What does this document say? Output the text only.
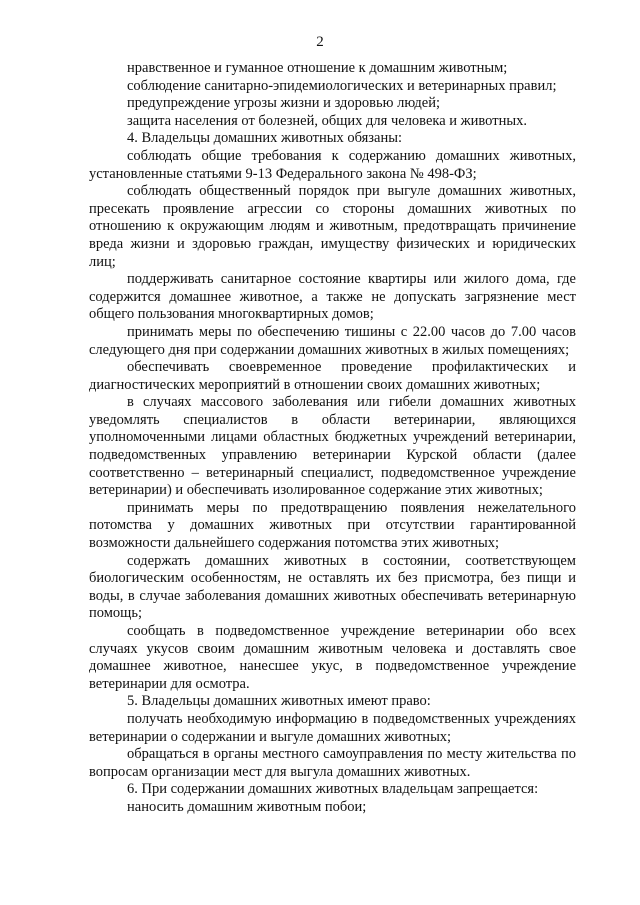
2

нравственное и гуманное отношение к домашним животным;

соблюдение санитарно-эпидемиологических и ветеринарных правил;

предупреждение угрозы жизни и здоровью людей;

защита населения от болезней, общих для человека и животных.

4. Владельцы домашних животных обязаны:

соблюдать общие требования к содержанию домашних животных, установленные статьями 9-13 Федерального закона № 498-ФЗ;

соблюдать общественный порядок при выгуле домашних животных, пресекать проявление агрессии со стороны домашних животных по отношению к окружающим людям и животным, предотвращать причинение вреда жизни и здоровью граждан, имуществу физических и юридических лиц;

поддерживать санитарное состояние квартиры или жилого дома, где содержится домашнее животное, а также не допускать загрязнение мест общего пользования многоквартирных домов;

принимать меры по обеспечению тишины с 22.00 часов до 7.00 часов следующего дня при содержании домашних животных в жилых помещениях;

обеспечивать своевременное проведение профилактических и диагностических мероприятий в отношении своих домашних животных;

в случаях массового заболевания или гибели домашних животных уведомлять специалистов в области ветеринарии, являющихся уполномоченными лицами областных бюджетных учреждений ветеринарии, подведомственных управлению ветеринарии Курской области (далее соответственно – ветеринарный специалист, подведомственное учреждение ветеринарии) и обеспечивать изолированное содержание этих животных;

принимать меры по предотвращению появления нежелательного потомства у домашних животных при отсутствии гарантированной возможности дальнейшего содержания потомства этих животных;

содержать домашних животных в состоянии, соответствующем биологическим особенностям, не оставлять их без присмотра, без пищи и воды, в случае заболевания домашних животных обеспечивать ветеринарную помощь;

сообщать в подведомственное учреждение ветеринарии обо всех случаях укусов своим домашним животным человека и доставлять свое домашнее животное, нанесшее укус, в подведомственное учреждение ветеринарии для осмотра.

5. Владельцы домашних животных имеют право:

получать необходимую информацию в подведомственных учреждениях ветеринарии о содержании и выгуле домашних животных;

обращаться в органы местного самоуправления по месту жительства по вопросам организации мест для выгула домашних животных.

6. При содержании домашних животных владельцам запрещается:

наносить домашним животным побои;
